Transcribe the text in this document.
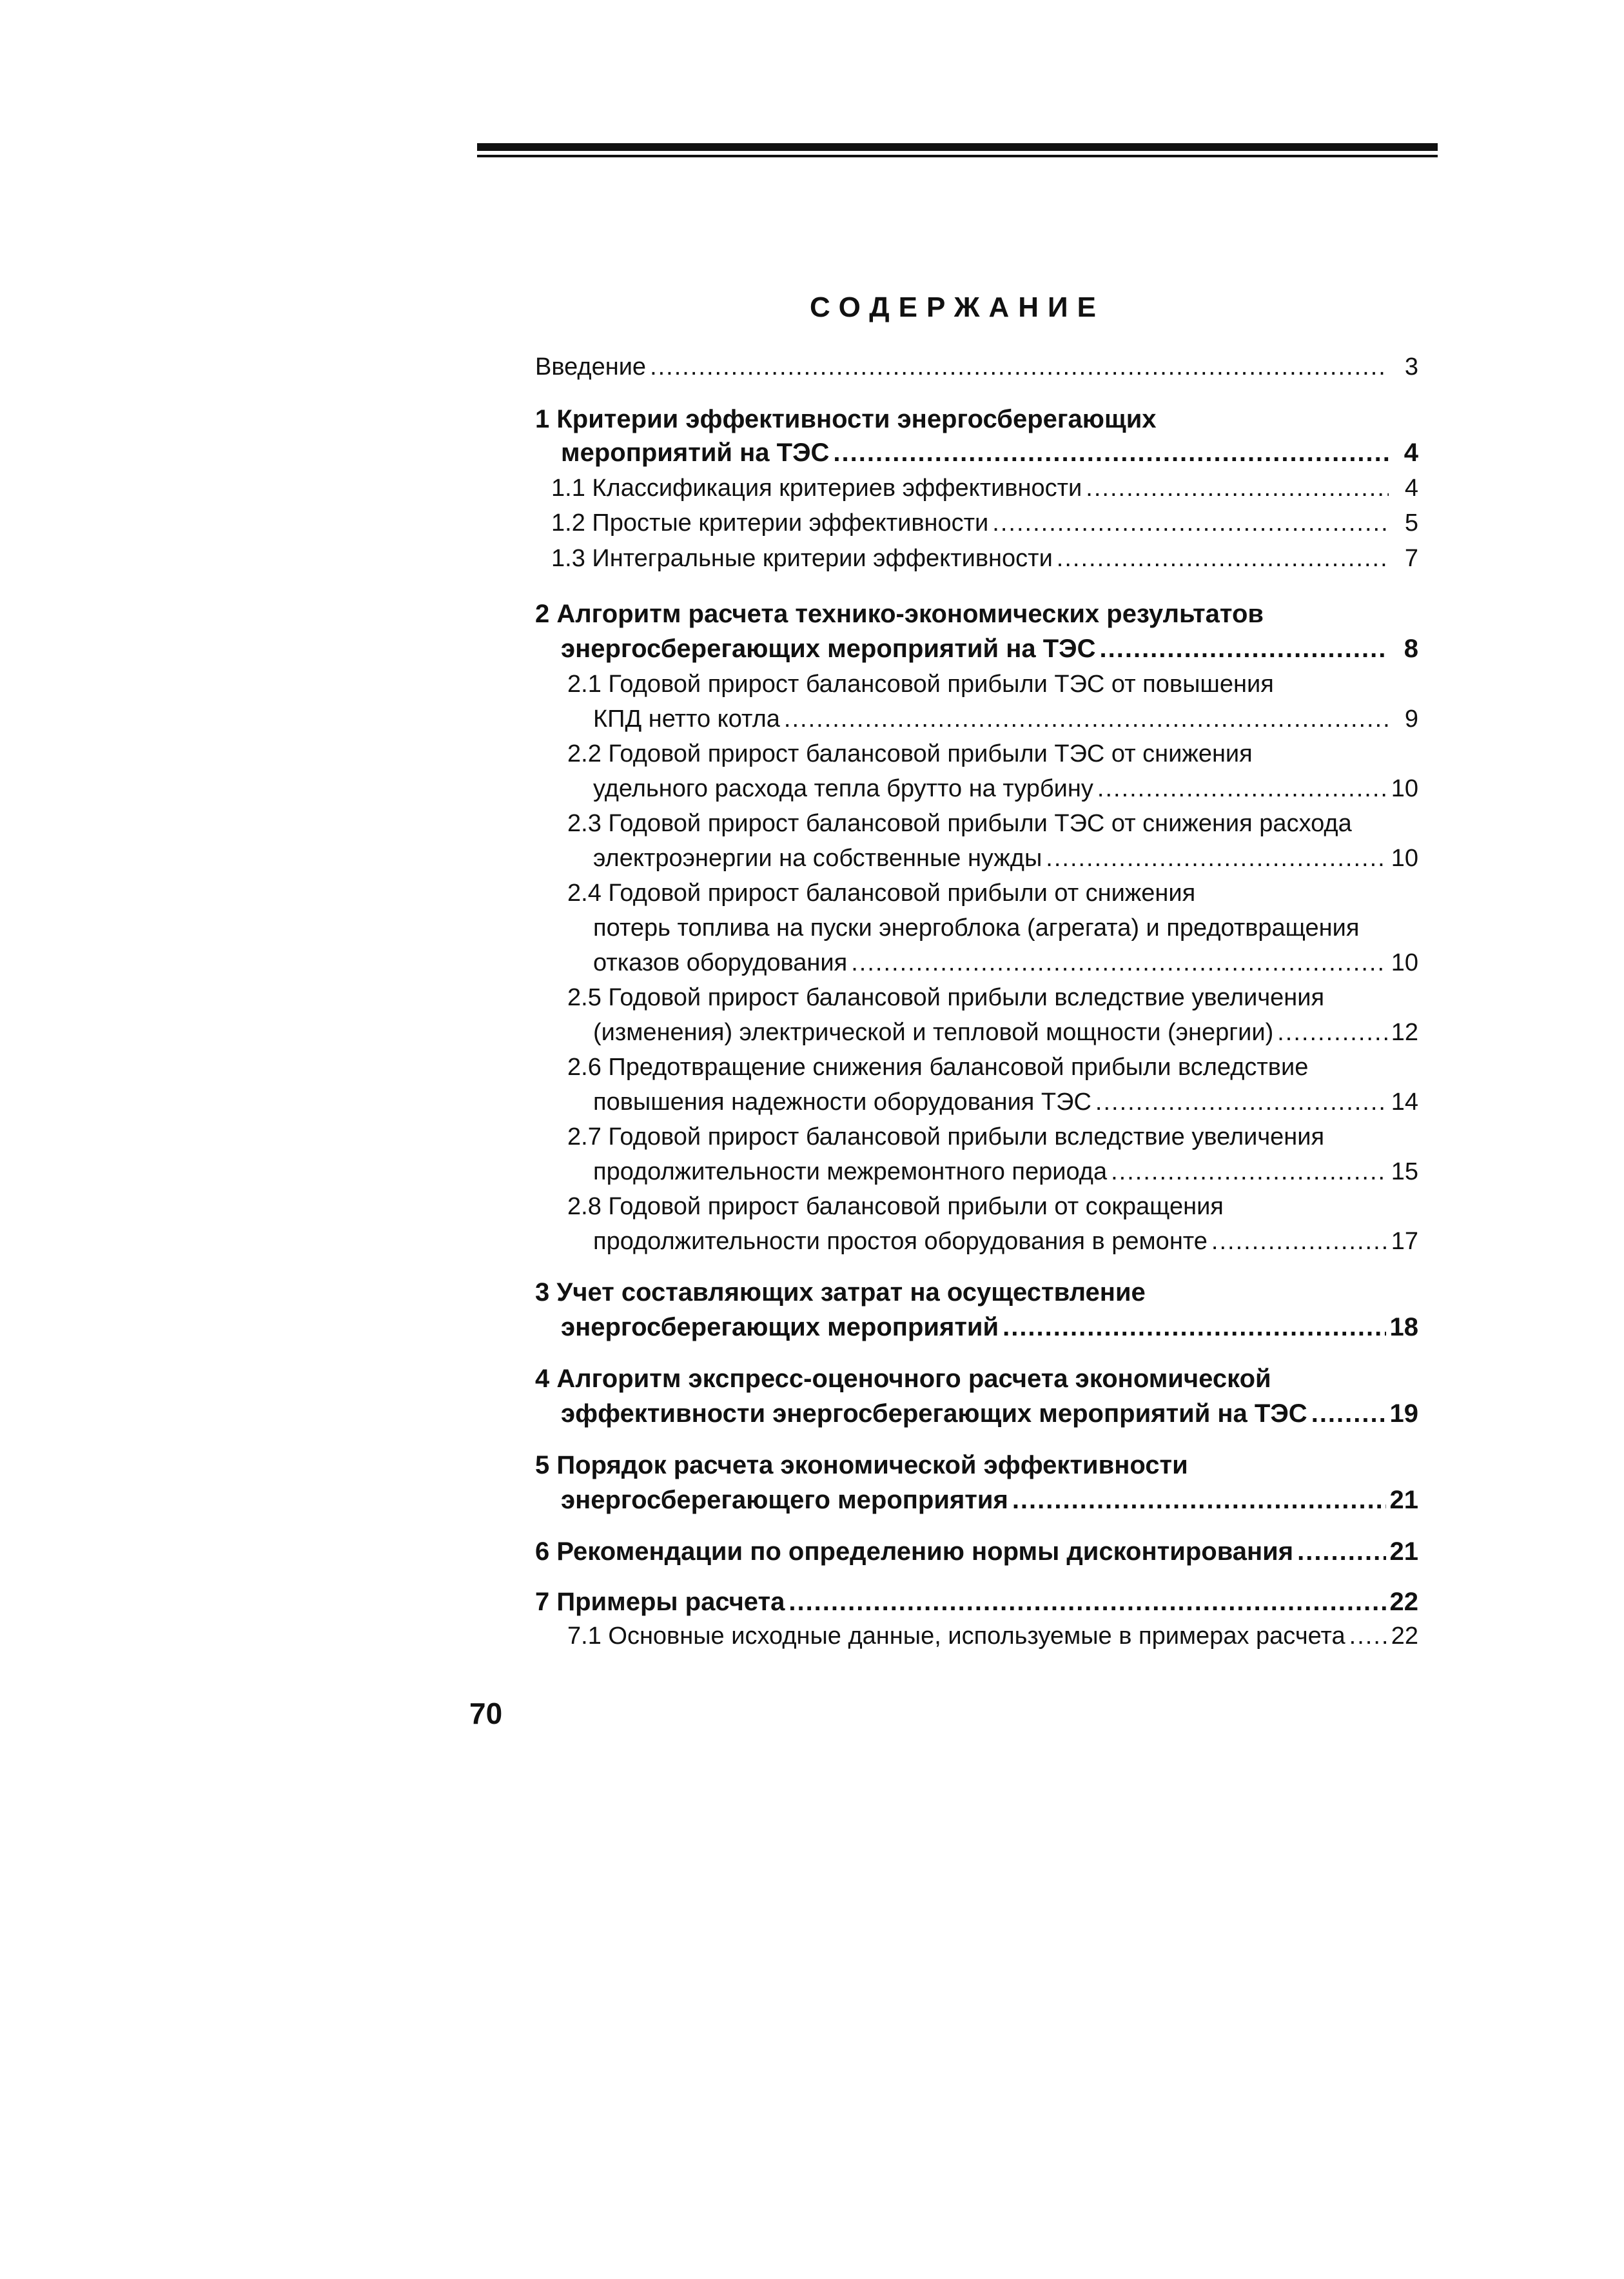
СОДЕРЖАНИЕ
Введение .....	3
1 Критерии эффективности энергосберегающих
мероприятий на ТЭС .....	4
1.1 Классификация критериев эффективности .....	4
1.2 Простые критерии эффективности .....	5
1.3 Интегральные критерии эффективности .....	7
2 Алгоритм расчета технико-экономических результатов
энергосберегающих мероприятий на ТЭС .....	8
2.1 Годовой прирост балансовой прибыли ТЭС от повышения
КПД нетто котла .....	9
2.2 Годовой прирост балансовой прибыли ТЭС от снижения
удельного расхода тепла брутто на турбину .....	10
2.3 Годовой прирост балансовой прибыли ТЭС от снижения расхода
электроэнергии на собственные нужды .....	10
2.4 Годовой прирост балансовой прибыли от снижения
потерь топлива на пуски энергоблока (агрегата) и предотвращения
отказов оборудования .....	10
2.5 Годовой прирост балансовой прибыли вследствие увеличения
(изменения) электрической и тепловой мощности (энергии) .....	12
2.6 Предотвращение снижения балансовой прибыли вследствие
повышения надежности оборудования ТЭС .....	14
2.7 Годовой прирост балансовой прибыли вследствие увеличения
продолжительности межремонтного периода .....	15
2.8 Годовой прирост балансовой прибыли от сокращения
продолжительности простоя оборудования в ремонте .....	17
3 Учет составляющих затрат на осуществление
энергосберегающих мероприятий .....	18
4 Алгоритм экспресс-оценочного расчета экономической
эффективности энергосберегающих мероприятий на ТЭС .....	19
5 Порядок расчета экономической эффективности
энергосберегающего мероприятия .....	21
6 Рекомендации по определению нормы дисконтирования .....	21
7 Примеры расчета .....	22
7.1 Основные исходные данные, используемые в примерах расчета ..... 22
70
